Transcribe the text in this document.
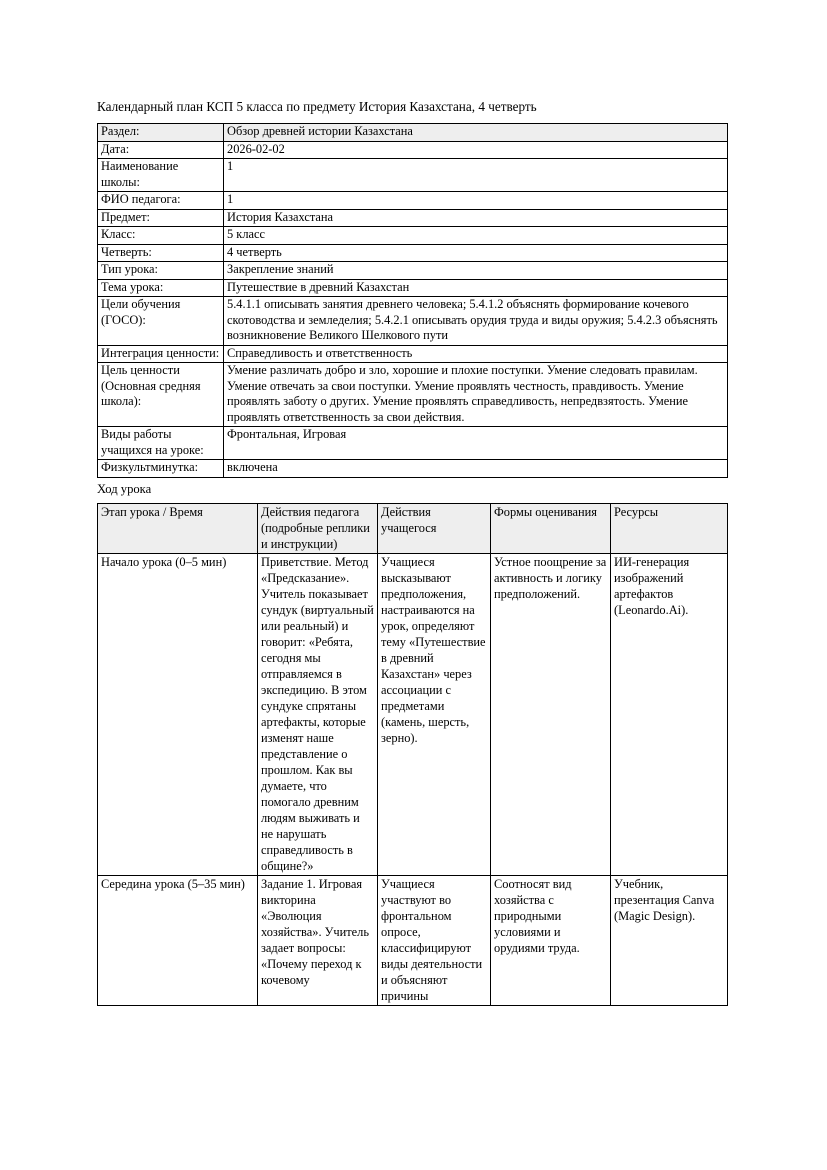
Календарный план КСП 5 класса по предмету История Казахстана, 4 четверть

Раздел:	Обзор древней истории Казахстана
Дата:	2026-02-02
Наименование школы:	1
ФИО педагога:	1
Предмет:	История Казахстана
Класс:	5 класс
Четверть:	4 четверть
Тип урока:	Закрепление знаний
Тема урока:	Путешествие в древний Казахстан
Цели обучения (ГОСО):	5.4.1.1 описывать занятия древнего человека; 5.4.1.2 объяснять формирование кочевого скотоводства и земледелия; 5.4.2.1 описывать орудия труда и виды оружия; 5.4.2.3 объяснять возникновение Великого Шелкового пути
Интеграция ценности:	Справедливость и ответственность
Цель ценности (Основная средняя школа):	Умение различать добро и зло, хорошие и плохие поступки. Умение следовать правилам. Умение отвечать за свои поступки. Умение проявлять честность, правдивость. Умение проявлять заботу о других. Умение проявлять справедливость, непредвзятость. Умение проявлять ответственность за свои действия.
Виды работы учащихся на уроке:	Фронтальная, Игровая
Физкультминутка:	включена

Ход урока

Этап урока / Время	Действия педагога (подробные реплики и инструкции)	Действия учащегося	Формы оценивания	Ресурсы
Начало урока (0–5 мин)	Приветствие. Метод «Предсказание». Учитель показывает сундук (виртуальный или реальный) и говорит: «Ребята, сегодня мы отправляемся в экспедицию. В этом сундуке спрятаны артефакты, которые изменят наше представление о прошлом. Как вы думаете, что помогало древним людям выживать и не нарушать справедливость в общине?»	Учащиеся высказывают предположения, настраиваются на урок, определяют тему «Путешествие в древний Казахстан» через ассоциации с предметами (камень, шерсть, зерно).	Устное поощрение за активность и логику предположений.	ИИ-генерация изображений артефактов (Leonardo.Ai).

Середина урока (5–35 мин)	Задание 1. Игровая викторина «Эволюция хозяйства». Учитель задает вопросы: «Почему переход к кочевому	Учащиеся участвуют во фронтальном опросе, классифицируют виды деятельности и объясняют причины	Соотносят вид хозяйства с природными условиями и орудиями труда.	Учебник, презентация Canva (Magic Design).
